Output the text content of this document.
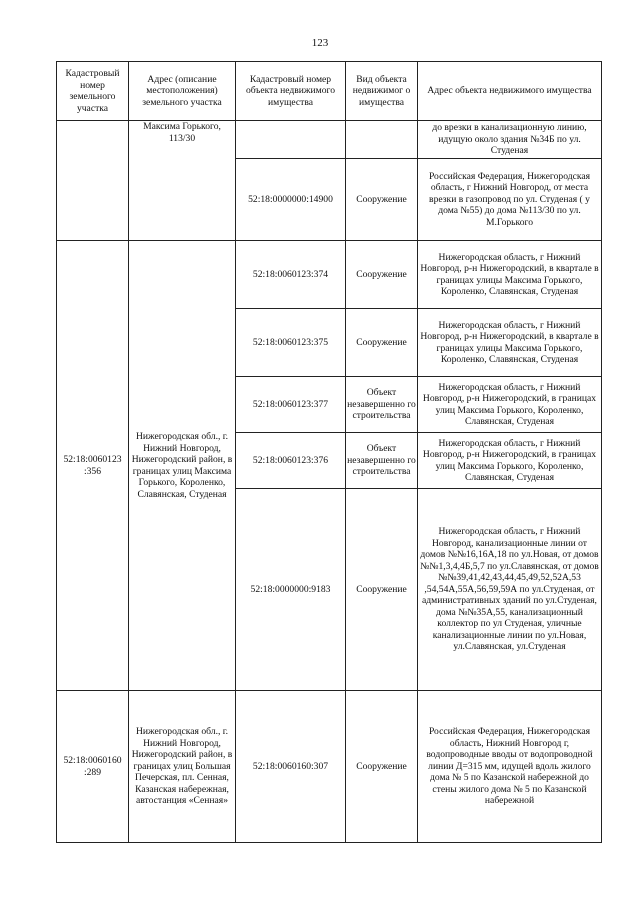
123
Кадастровый номер земельного участка	Адрес (описание местоположения) земельного участка	Кадастровый номер объекта недвижимого имущества	Вид объекта недвижимог о имущества	Адрес объекта недвижимого имущества
	Максима Горького, 113/30			до врезки в канализационную линию, идущую около здания №34Б по ул. Студеная
		52:18:0000000:14900	Сооружение	Российская Федерация, Нижегородская область, г Нижний Новгород, от места врезки в газопровод по ул. Студеная ( у дома №55) до дома №113/30 по ул. М.Горького
52:18:0060123 :356	Нижегородская обл., г. Нижний Новгород, Нижегородский район, в границах улиц Максима Горького, Короленко, Славянская, Студеная	52:18:0060123:374	Сооружение	Нижегородская область, г Нижний Новгород, р-н Нижегородский, в квартале в границах улицы Максима Горького, Короленко, Славянская, Студеная
		52:18:0060123:375	Сооружение	Нижегородская область, г Нижний Новгород, р-н Нижегородский, в квартале в границах улицы Максима Горького, Короленко, Славянская, Студеная
		52:18:0060123:377	Объект незавершенно го строительства	Нижегородская область, г Нижний Новгород, р-н Нижегородский, в границах улиц Максима Горького, Короленко, Славянская, Студеная
		52:18:0060123:376	Объект незавершенно го строительства	Нижегородская область, г Нижний Новгород, р-н Нижегородский, в границах улиц Максима Горького, Короленко, Славянская, Студеная
		52:18:0000000:9183	Сооружение	Нижегородская область, г Нижний Новгород, канализационные линии от домов №№16,16А,18 по ул.Новая, от домов №№1,3,4,4Б,5,7 по ул.Славянская, от домов №№39,41,42,43,44,45,49,52,52А,53 ,54,54А,55А,56,59,59А по ул.Студеная, от административных зданий по ул.Студеная, дома №№35А,55, канализационный коллектор по ул Студеная, уличные канализационные линии по ул.Новая, ул.Славянская, ул.Студеная
52:18:0060160 :289	Нижегородская обл., г. Нижний Новгород, Нижегородский район, в границах улиц Большая Печерская, пл. Сенная, Казанская набережная, автостанция «Сенная»	52:18:0060160:307	Сооружение	Российская Федерация, Нижегородская область, Нижний Новгород г, водопроводные вводы от водопроводной линии Д=315 мм, идущей вдоль жилого дома № 5 по Казанской набережной до стены жилого дома № 5 по Казанской набережной
